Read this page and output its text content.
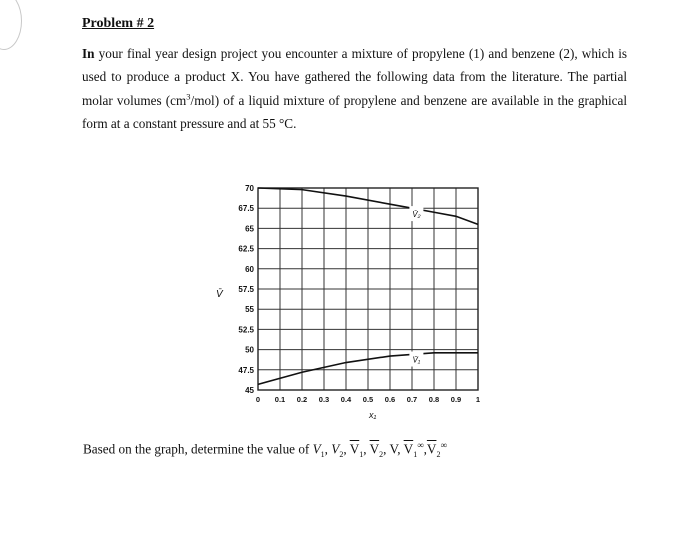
Problem # 2

In your final year design project you encounter a mixture of propylene (1) and benzene (2), which is used to produce a product X. You have gathered the following data from the literature. The partial molar volumes $(cm^3/mol)$ of a liquid mixture of propylene and benzene are available in the graphical form at a constant pressure and at 55 °C.

V̄₂
V̄₁
70
67.5
65
62.5
60
57.5
55
52.5
50
47.5
45
0 0.1 0.2 0.3 0.4 0.5 0.6 0.7 0.8 0.9 1
V̄
x₁

Based on the graph, determine the value of $V_1$, $V_2$, $\overline{V}_1$, $\overline{V}_2$, V, $\overline{V}_1^\infty,\overline{V}_2^\infty$
